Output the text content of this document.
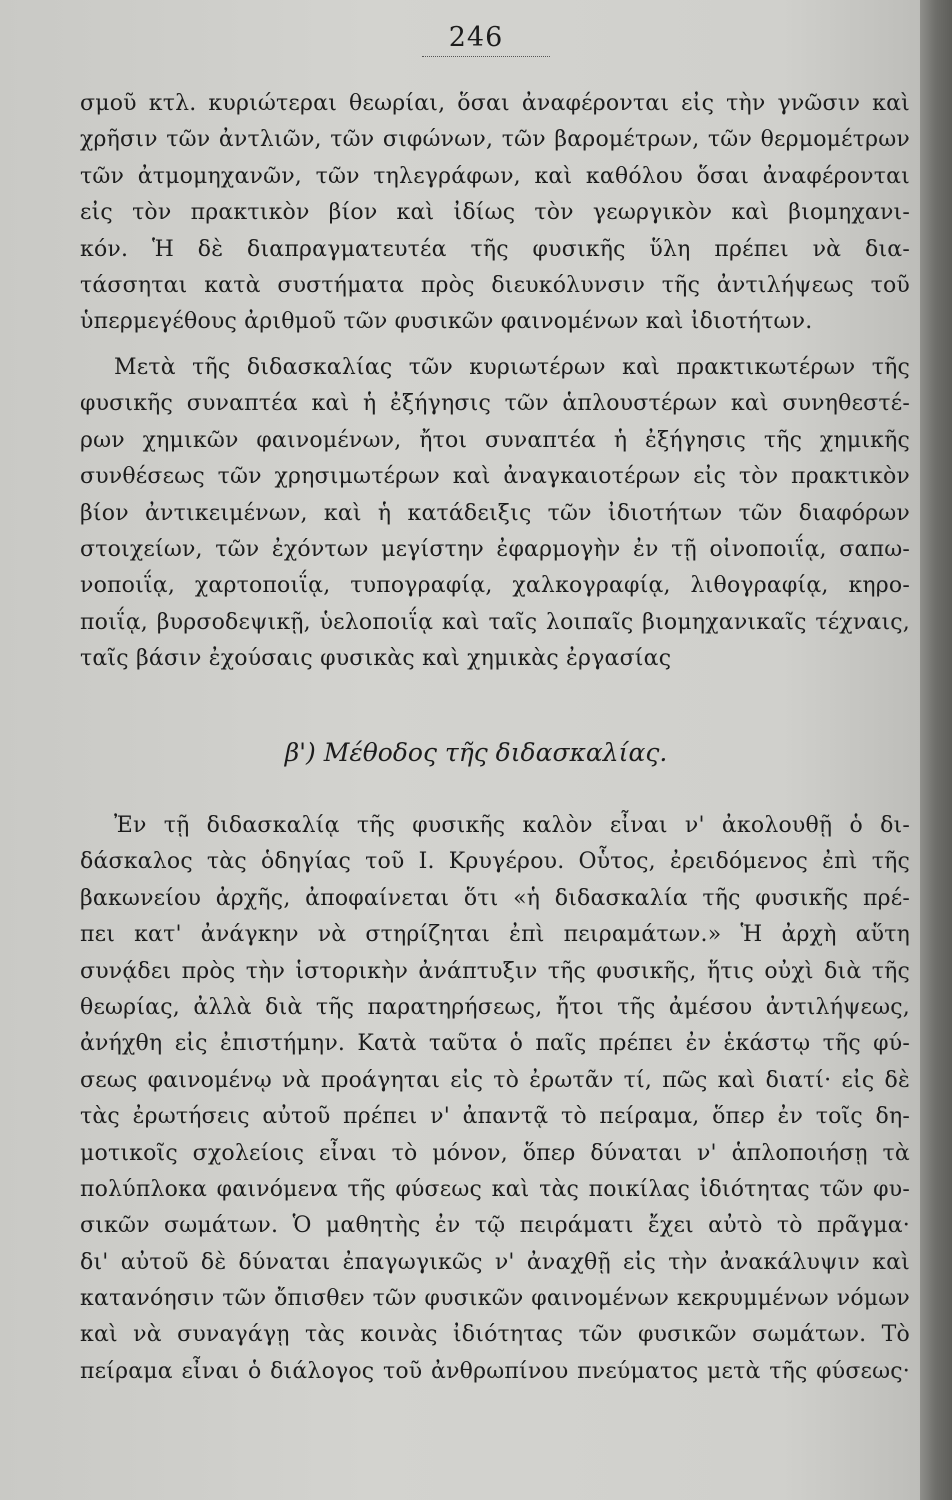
246
σμοῦ κτλ. κυριώτεραι θεωρίαι, ὅσαι ἀναφέρονται εἰς τὴν γνῶσιν καὶ
χρῆσιν τῶν ἀντλιῶν, τῶν σιφώνων, τῶν βαρομέτρων, τῶν θερμομέτρων
τῶν ἀτμομηχανῶν, τῶν τηλεγράφων, καὶ καθόλου ὅσαι ἀναφέρονται
εἰς τὸν πρακτικὸν βίον καὶ ἰδίως τὸν γεωργικὸν καὶ βιομηχανι-
κόν. Ἡ δὲ διαπραγματευτέα τῆς φυσικῆς ὕλη πρέπει νὰ δια-
τάσσηται κατὰ συστήματα πρὸς διευκόλυνσιν τῆς ἀντιλήψεως τοῦ
ὑπερμεγέθους ἀριθμοῦ τῶν φυσικῶν φαινομένων καὶ ἰδιοτήτων.
Μετὰ τῆς διδασκαλίας τῶν κυριωτέρων καὶ πρακτικωτέρων τῆς
φυσικῆς συναπτέα καὶ ἡ ἐξήγησις τῶν ἁπλουστέρων καὶ συνηθεστέ-
ρων χημικῶν φαινομένων, ἤτοι συναπτέα ἡ ἐξήγησις τῆς χημικῆς
συνθέσεως τῶν χρησιμωτέρων καὶ ἀναγκαιοτέρων εἰς τὸν πρακτικὸν
βίον ἀντικειμένων, καὶ ἡ κατάδειξις τῶν ἰδιοτήτων τῶν διαφόρων
στοιχείων, τῶν ἐχόντων μεγίστην ἐφαρμογὴν ἐν τῇ οἰνοποιΐᾳ, σαπω-
νοποιΐᾳ, χαρτοποιΐᾳ, τυπογραφίᾳ, χαλκογραφίᾳ, λιθογραφίᾳ, κηρο-
ποιΐᾳ, βυρσοδεψικῇ, ὑελοποιΐᾳ καὶ ταῖς λοιπαῖς βιομηχανικαῖς τέχναις,
ταῖς βάσιν ἐχούσαις φυσικὰς καὶ χημικὰς ἐργασίας
β') Μέθοδος τῆς διδασκαλίας.
Ἐν τῇ διδασκαλίᾳ τῆς φυσικῆς καλὸν εἶναι ν' ἀκολουθῇ ὁ δι-
δάσκαλος τὰς ὁδηγίας τοῦ Ι. Κρυγέρου. Οὗτος, ἐρειδόμενος ἐπὶ τῆς
βακωνείου ἀρχῆς, ἀποφαίνεται ὅτι «ἡ διδασκαλία τῆς φυσικῆς πρέ-
πει κατ' ἀνάγκην νὰ στηρίζηται ἐπὶ πειραμάτων.» Ἡ ἀρχὴ αὕτη
συνᾴδει πρὸς τὴν ἱστορικὴν ἀνάπτυξιν τῆς φυσικῆς, ἥτις οὐχὶ διὰ τῆς
θεωρίας, ἀλλὰ διὰ τῆς παρατηρήσεως, ἤτοι τῆς ἀμέσου ἀντιλήψεως,
ἀνήχθη εἰς ἐπιστήμην. Κατὰ ταῦτα ὁ παῖς πρέπει ἐν ἑκάστῳ τῆς φύ-
σεως φαινομένῳ νὰ προάγηται εἰς τὸ ἐρωτᾶν τί, πῶς καὶ διατί· εἰς δὲ
τὰς ἐρωτήσεις αὐτοῦ πρέπει ν' ἀπαντᾷ τὸ πείραμα, ὅπερ ἐν τοῖς δη-
μοτικοῖς σχολείοις εἶναι τὸ μόνον, ὅπερ δύναται ν' ἁπλοποιήσῃ τὰ
πολύπλοκα φαινόμενα τῆς φύσεως καὶ τὰς ποικίλας ἰδιότητας τῶν φυ-
σικῶν σωμάτων. Ὁ μαθητὴς ἐν τῷ πειράματι ἔχει αὐτὸ τὸ πρᾶγμα·
δι' αὐτοῦ δὲ δύναται ἐπαγωγικῶς ν' ἀναχθῇ εἰς τὴν ἀνακάλυψιν καὶ
κατανόησιν τῶν ὄπισθεν τῶν φυσικῶν φαινομένων κεκρυμμένων νόμων
καὶ νὰ συναγάγῃ τὰς κοινὰς ἰδιότητας τῶν φυσικῶν σωμάτων. Τὸ
πείραμα εἶναι ὁ διάλογος τοῦ ἀνθρωπίνου πνεύματος μετὰ τῆς φύσεως·
